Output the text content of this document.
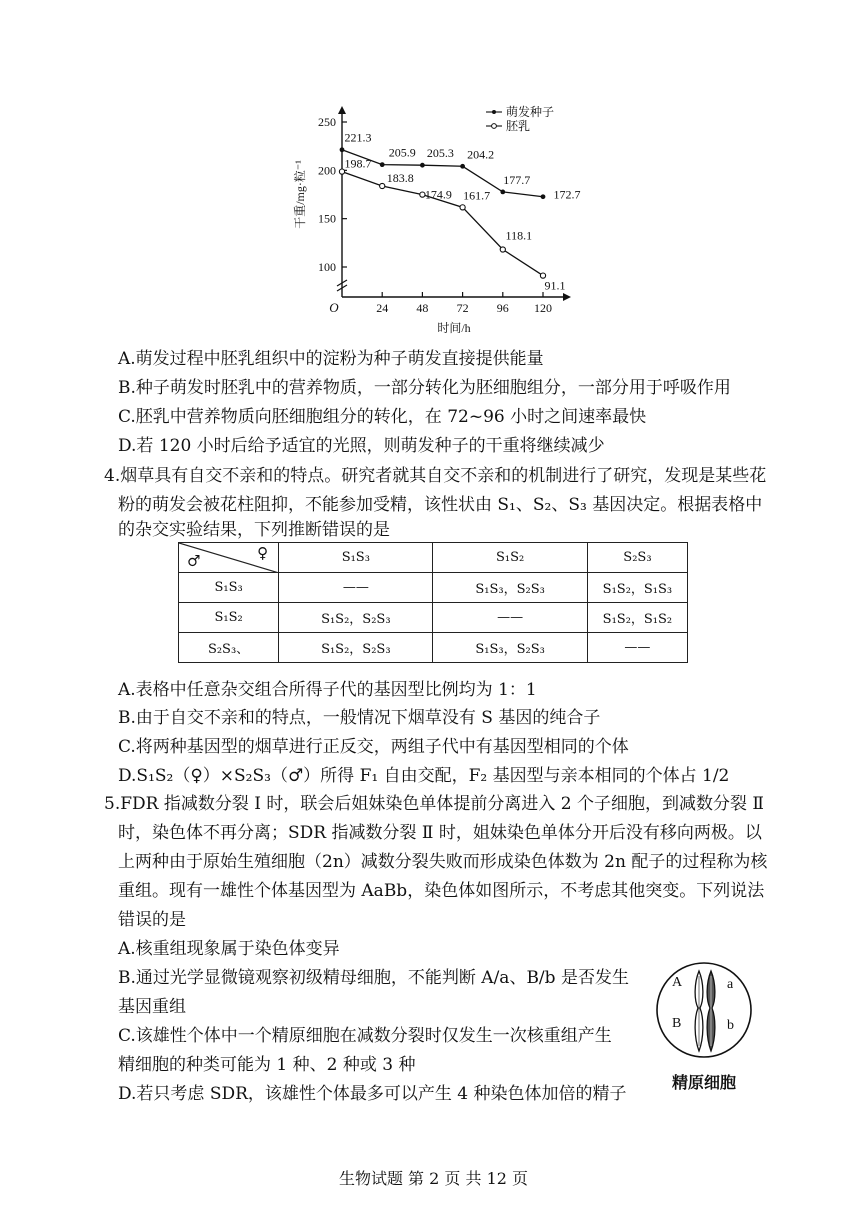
100
150
200
250
24 48 72 96 120
O
时间/h
干重/mg·粒⁻¹
221.3
205.9 205.3 204.2
177.7
172.7
198.7
183.8
174.9 161.7
118.1
91.1
萌发种子
胚乳
A.萌发过程中胚乳组织中的淀粉为种子萌发直接提供能量
B.种子萌发时胚乳中的营养物质，一部分转化为胚细胞组分，一部分用于呼吸作用
C.胚乳中营养物质向胚细胞组分的转化，在 72~96 小时之间速率最快
D.若 120 小时后给予适宜的光照，则萌发种子的干重将继续减少
4.烟草具有自交不亲和的特点。研究者就其自交不亲和的机制进行了研究，发现是某些花
粉的萌发会被花柱阻抑，不能参加受精，该性状由 S₁、S₂、S₃ 基因决定。根据表格中
的杂交实验结果，下列推断错误的是
♂ ♀	S₁S₃	S₁S₂	S₂S₃
S₁S₃	——	S₁S₃，S₂S₃	S₁S₂，S₁S₃
S₁S₂	S₁S₂，S₂S₃	——	S₁S₂，S₁S₂
S₂S₃、	S₁S₂，S₂S₃	S₁S₃，S₂S₃	——
A.表格中任意杂交组合所得子代的基因型比例均为 1：1
B.由于自交不亲和的特点，一般情况下烟草没有 S 基因的纯合子
C.将两种基因型的烟草进行正反交，两组子代中有基因型相同的个体
D.S₁S₂（♀）×S₂S₃（♂）所得 F₁ 自由交配，F₂ 基因型与亲本相同的个体占 1/2
5.FDR 指减数分裂 Ⅰ 时，联会后姐妹染色单体提前分离进入 2 个子细胞，到减数分裂 Ⅱ
时，染色体不再分离；SDR 指减数分裂 Ⅱ 时，姐妹染色单体分开后没有移向两极。以
上两种由于原始生殖细胞（2n）减数分裂失败而形成染色体数为 2n 配子的过程称为核
重组。现有一雄性个体基因型为 AaBb，染色体如图所示，不考虑其他突变。下列说法
错误的是
A.核重组现象属于染色体变异
B.通过光学显微镜观察初级精母细胞，不能判断 A/a、B/b 是否发生
基因重组
C.该雄性个体中一个精原细胞在减数分裂时仅发生一次核重组产生
精细胞的种类可能为 1 种、2 种或 3 种
D.若只考虑 SDR，该雄性个体最多可以产生 4 种染色体加倍的精子
A	a
B	b
精原细胞
生物试题 第 2 页 共 12 页
